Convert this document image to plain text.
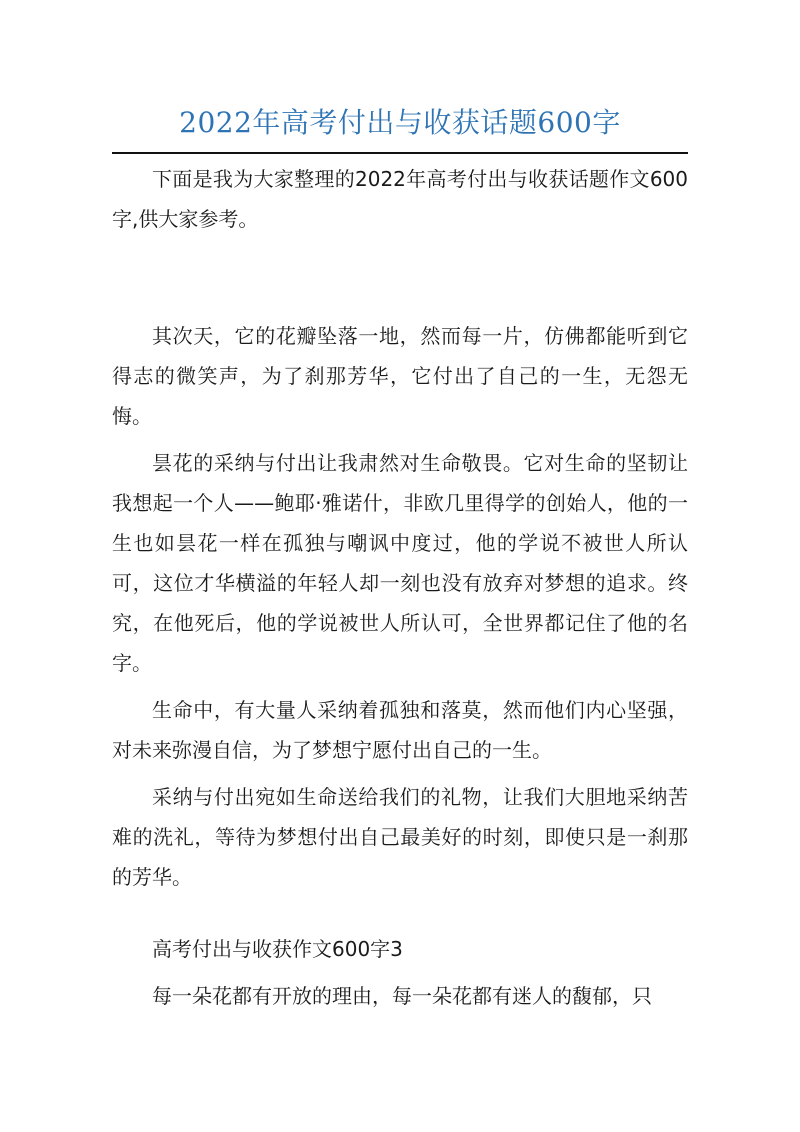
2022年高考付出与收获话题600字

下面是我为大家整理的2022年高考付出与收获话题作文600字,供大家参考。

其次天，它的花瓣坠落一地，然而每一片，仿佛都能听到它得志的微笑声，为了刹那芳华，它付出了自己的一生，无怨无悔。

昙花的采纳与付出让我肃然对生命敬畏。它对生命的坚韧让我想起一个人——鲍耶·雅诺什，非欧几里得学的创始人，他的一生也如昙花一样在孤独与嘲讽中度过，他的学说不被世人所认可，这位才华横溢的年轻人却一刻也没有放弃对梦想的追求。终究，在他死后，他的学说被世人所认可，全世界都记住了他的名字。

生命中，有大量人采纳着孤独和落莫，然而他们内心坚强，对未来弥漫自信，为了梦想宁愿付出自己的一生。

采纳与付出宛如生命送给我们的礼物，让我们大胆地采纳苦难的洗礼，等待为梦想付出自己最美好的时刻，即使只是一刹那的芳华。

高考付出与收获作文600字3

每一朵花都有开放的理由，每一朵花都有迷人的馥郁，只
